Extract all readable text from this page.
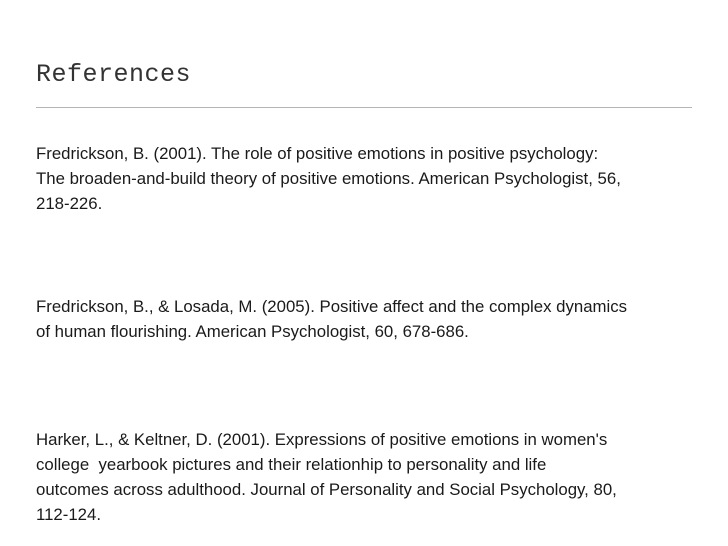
References

Fredrickson, B. (2001). The role of positive emotions in positive psychology:
The broaden-and-build theory of positive emotions. American Psychologist, 56,
218-226.

Fredrickson, B., & Losada, M. (2005). Positive affect and the complex dynamics
of human flourishing. American Psychologist, 60, 678-686.

Harker, L., & Keltner, D. (2001). Expressions of positive emotions in women's
college  yearbook pictures and their relationhip to personality and life
outcomes across adulthood. Journal of Personality and Social Psychology, 80,
112-124.
